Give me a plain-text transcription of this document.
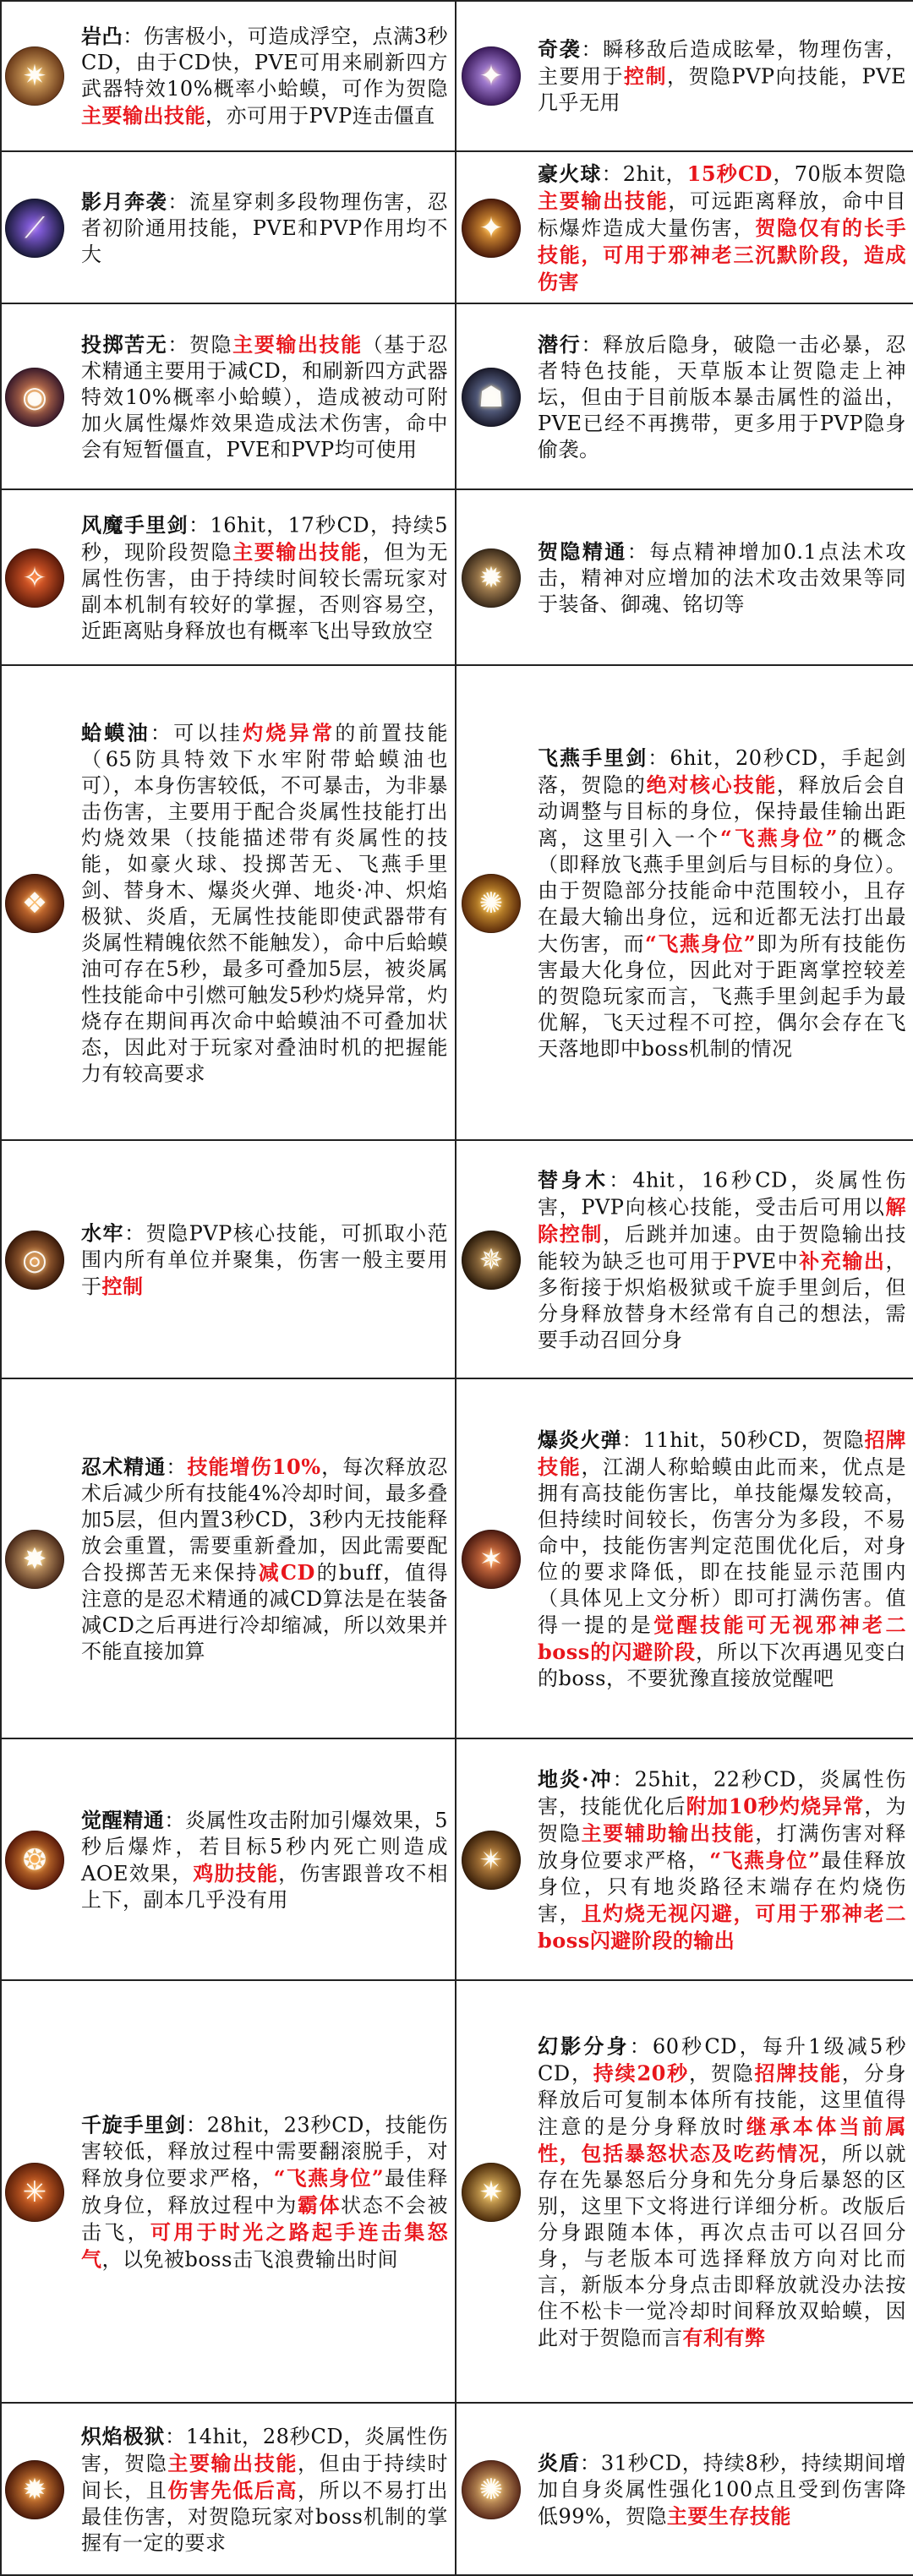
✷
岩凸：伤害极小，可造成浮空，点满3秒CD，由于CD快，PVE可用来刷新四方武器特效10%概率小蛤蟆，可作为贺隐主要输出技能，亦可用于PVP连击僵直
✦
奇袭：瞬移敌后造成眩晕，物理伤害，主要用于控制，贺隐PVP向技能，PVE几乎无用
⟋
影月奔袭：流星穿刺多段物理伤害，忍者初阶通用技能，PVE和PVP作用均不大
✦
豪火球：2hit，15秒CD，70版本贺隐主要输出技能，可远距离释放，命中目标爆炸造成大量伤害，贺隐仅有的长手技能，可用于邪神老三沉默阶段，造成伤害
◉
投掷苦无：贺隐主要输出技能（基于忍术精通主要用于减CD，和刷新四方武器特效10%概率小蛤蟆），造成被动可附加火属性爆炸效果造成法术伤害，命中会有短暂僵直，PVE和PVP均可使用
☗
潜行：释放后隐身，破隐一击必暴，忍者特色技能，天草版本让贺隐走上神坛，但由于目前版本暴击属性的溢出，PVE已经不再携带，更多用于PVP隐身偷袭。
✧
风魔手里剑：16hit，17秒CD，持续5秒，现阶段贺隐主要输出技能，但为无属性伤害，由于持续时间较长需玩家对副本机制有较好的掌握，否则容易空，近距离贴身释放也有概率飞出导致放空
✹
贺隐精通：每点精神增加0.1点法术攻击，精神对应增加的法术攻击效果等同于装备、御魂、铭切等
❖
蛤蟆油：可以挂灼烧异常的前置技能（65防具特效下水牢附带蛤蟆油也可），本身伤害较低，不可暴击，为非暴击伤害，主要用于配合炎属性技能打出灼烧效果（技能描述带有炎属性的技能，如豪火球、投掷苦无、飞燕手里剑、替身木、爆炎火弹、地炎·冲、炽焰极狱、炎盾，无属性技能即使武器带有炎属性精魄依然不能触发），命中后蛤蟆油可存在5秒，最多可叠加5层，被炎属性技能命中引燃可触发5秒灼烧异常，灼烧存在期间再次命中蛤蟆油不可叠加状态，因此对于玩家对叠油时机的把握能力有较高要求
✺
飞燕手里剑：6hit，20秒CD，手起剑落，贺隐的绝对核心技能，释放后会自动调整与目标的身位，保持最佳输出距离，这里引入一个“飞燕身位”的概念（即释放飞燕手里剑后与目标的身位）。由于贺隐部分技能命中范围较小，且存在最大输出身位，远和近都无法打出最大伤害，而“飞燕身位”即为所有技能伤害最大化身位，因此对于距离掌控较差的贺隐玩家而言，飞燕手里剑起手为最优解，飞天过程不可控，偶尔会存在飞天落地即中boss机制的情况
◎
水牢：贺隐PVP核心技能，可抓取小范围内所有单位并聚集，伤害一般主要用于控制
✵
替身木：4hit，16秒CD，炎属性伤害，PVP向核心技能，受击后可用以解除控制，后跳并加速。由于贺隐输出技能较为缺乏也可用于PVE中补充输出，多衔接于炽焰极狱或千旋手里剑后，但分身释放替身木经常有自己的想法，需要手动召回分身
✸
忍术精通：技能增伤10%，每次释放忍术后减少所有技能4%冷却时间，最多叠加5层，但内置3秒CD，3秒内无技能释放会重置，需要重新叠加，因此需要配合投掷苦无来保持减CD的buff，值得注意的是忍术精通的减CD算法是在装备减CD之后再进行冷却缩减，所以效果并不能直接加算
✶
爆炎火弹：11hit，50秒CD，贺隐招牌技能，江湖人称蛤蟆由此而来，优点是拥有高技能伤害比，单技能爆发较高，但持续时间较长，伤害分为多段，不易命中，技能伤害判定范围优化后，对身位的要求降低，即在技能显示范围内（具体见上文分析）即可打满伤害。值得一提的是觉醒技能可无视邪神老二boss的闪避阶段，所以下次再遇见变白的boss，不要犹豫直接放觉醒吧
❂
觉醒精通：炎属性攻击附加引爆效果，5秒后爆炸，若目标5秒内死亡则造成AOE效果，鸡肋技能，伤害跟普攻不相上下，副本几乎没有用
✴
地炎·冲：25hit，22秒CD，炎属性伤害，技能优化后附加10秒灼烧异常，为贺隐主要辅助输出技能，打满伤害对释放身位要求严格，“飞燕身位”最佳释放身位，只有地炎路径末端存在灼烧伤害，且灼烧无视闪避，可用于邪神老二boss闪避阶段的输出
✳
千旋手里剑：28hit，23秒CD，技能伤害较低，释放过程中需要翻滚脱手，对释放身位要求严格，“飞燕身位”最佳释放身位，释放过程中为霸体状态不会被击飞，可用于时光之路起手连击集怒气，以免被boss击飞浪费输出时间
✷
幻影分身：60秒CD，每升1级减5秒CD，持续20秒，贺隐招牌技能，分身释放后可复制本体所有技能，这里值得注意的是分身释放时继承本体当前属性，包括暴怒状态及吃药情况，所以就存在先暴怒后分身和先分身后暴怒的区别，这里下文将进行详细分析。改版后分身跟随本体，再次点击可以召回分身，与老版本可选择释放方向对比而言，新版本分身点击即释放就没办法按住不松卡一觉冷却时间释放双蛤蟆，因此对于贺隐而言有利有弊
✹
炽焰极狱：14hit，28秒CD，炎属性伤害，贺隐主要输出技能，但由于持续时间长，且伤害先低后高，所以不易打出最佳伤害，对贺隐玩家对boss机制的掌握有一定的要求
✺
炎盾：31秒CD，持续8秒，持续期间增加自身炎属性强化100点且受到伤害降低99%，贺隐主要生存技能
